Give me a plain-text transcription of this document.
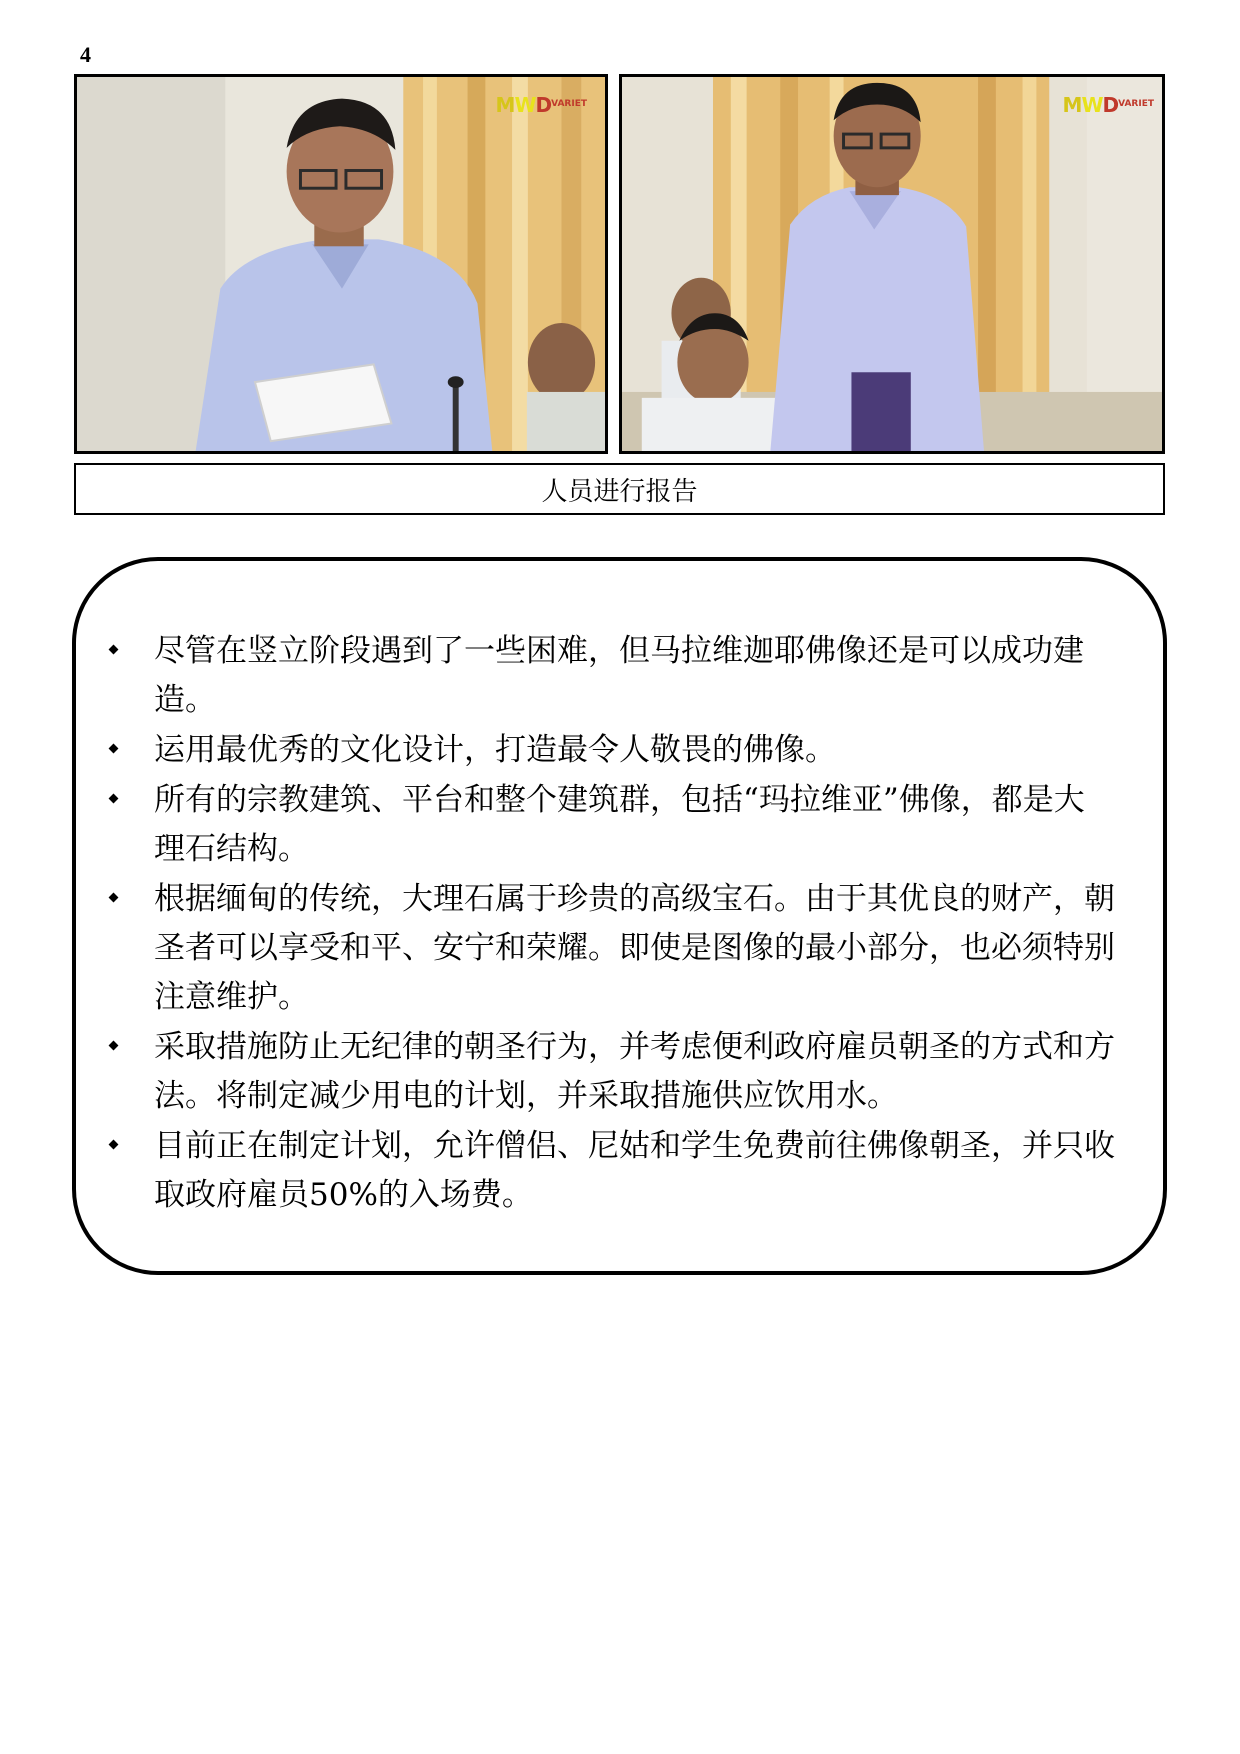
4
$MWD^{VARIET}$	$MWD^{VARIET}$
人员进行报告
尽管在竖立阶段遇到了一些困难，但马拉维迦耶佛像还是可以成功建造。
运用最优秀的文化设计，打造最令人敬畏的佛像。
所有的宗教建筑、平台和整个建筑群，包括“玛拉维亚”佛像，都是大理石结构。
根据缅甸的传统，大理石属于珍贵的高级宝石。由于其优良的财产，朝圣者可以享受和平、安宁和荣耀。即使是图像的最小部分，也必须特别注意维护。
采取措施防止无纪律的朝圣行为，并考虑便利政府雇员朝圣的方式和方法。将制定减少用电的计划，并采取措施供应饮用水。
目前正在制定计划，允许僧侣、尼姑和学生免费前往佛像朝圣，并只收取政府雇员50%的入场费。
